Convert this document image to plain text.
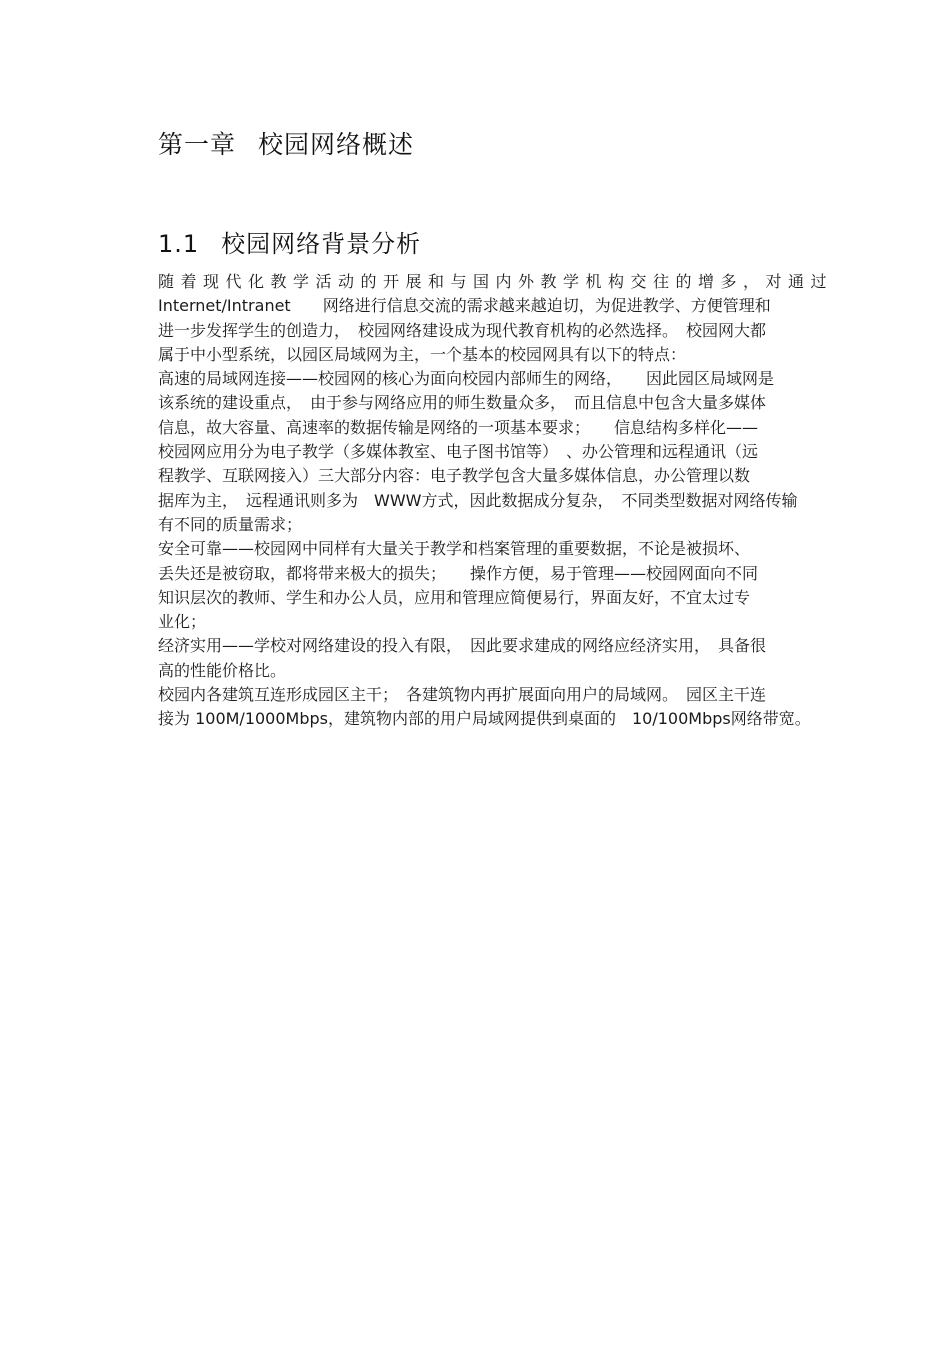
第一章 校园网络概述
1.1 校园网络背景分析
随着现代化教学活动的开展和与国内外教学机构交往的增多，对通过
Internet/Intranet　　网络进行信息交流的需求越来越迫切，为促进教学、方便管理和
进一步发挥学生的创造力，　校园网络建设成为现代教育机构的必然选择。　校园网大都
属于中小型系统，以园区局域网为主，一个基本的校园网具有以下的特点：
高速的局域网连接——校园网的核心为面向校园内部师生的网络，　　因此园区局域网是
该系统的建设重点，　由于参与网络应用的师生数量众多，　而且信息中包含大量多媒体
信息，故大容量、高速率的数据传输是网络的一项基本要求；　　信息结构多样化——
校园网应用分为电子教学（多媒体教室、电子图书馆等）　、办公管理和远程通讯（远
程教学、互联网接入）三大部分内容：电子教学包含大量多媒体信息，办公管理以数
据库为主，　远程通讯则多为　WWW方式，因此数据成分复杂，　不同类型数据对网络传输
有不同的质量需求；
安全可靠——校园网中同样有大量关于教学和档案管理的重要数据，不论是被损坏、
丢失还是被窃取，都将带来极大的损失；　　操作方便，易于管理——校园网面向不同
知识层次的教师、学生和办公人员，应用和管理应简便易行，界面友好，不宜太过专
业化；
经济实用——学校对网络建设的投入有限，　因此要求建成的网络应经济实用，　具备很
高的性能价格比。
校园内各建筑互连形成园区主干；　各建筑物内再扩展面向用户的局域网。　园区主干连
接为 100M/1000Mbps，建筑物内部的用户局域网提供到桌面的　10/100Mbps网络带宽。
